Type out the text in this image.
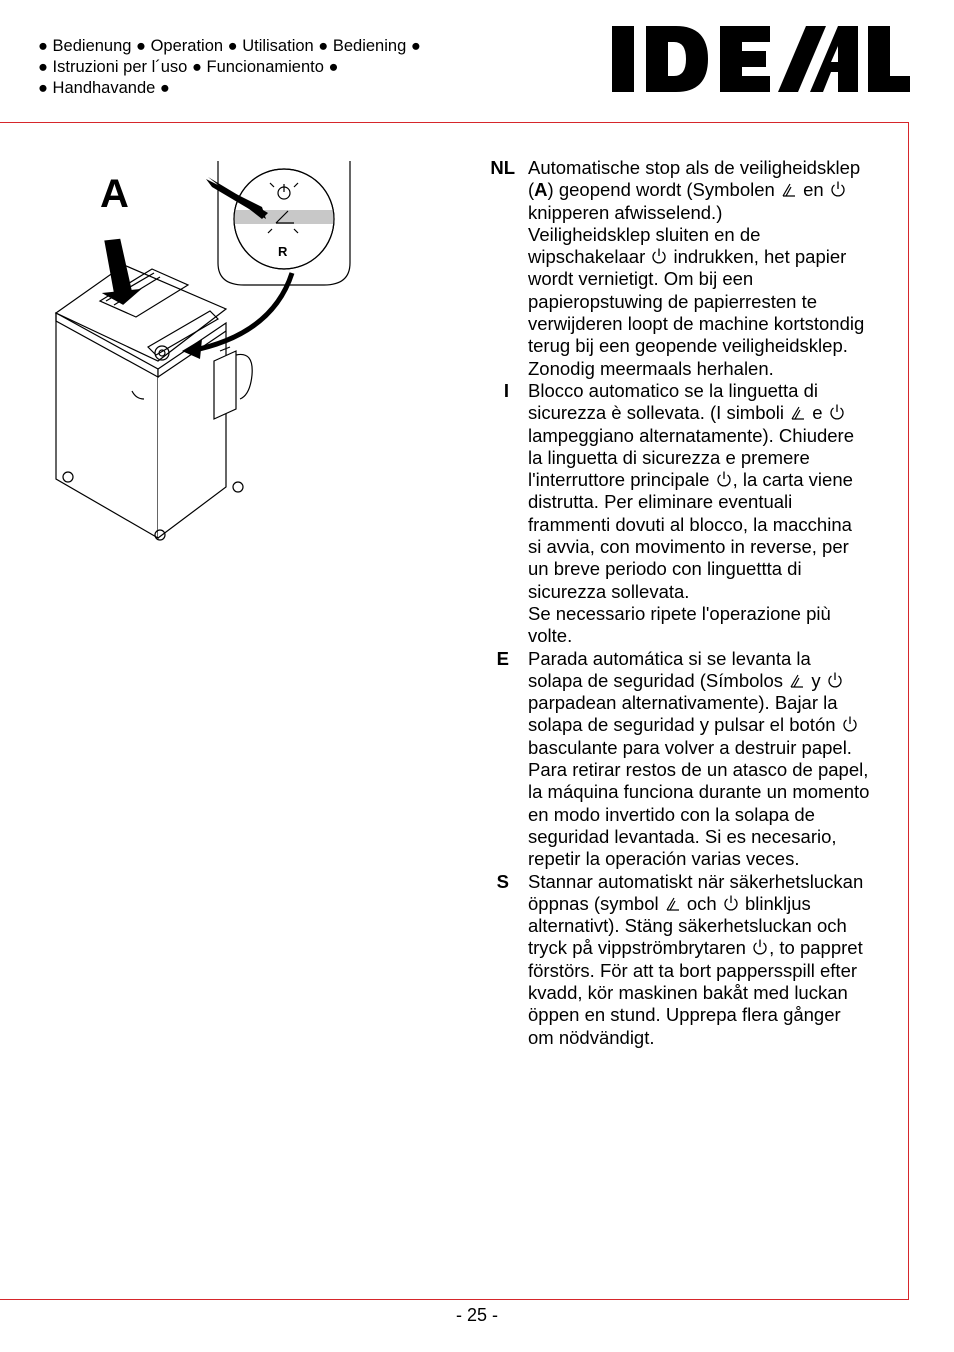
● Bedienung ● Operation ● Utilisation ● Bediening ●
● Istruzioni per l´uso ● Funcionamiento ●
● Handhavande ●
A
R
NL Automatische stop als de veiligheidsklep

(A) geopend wordt (Symbolen en

knipperen afwisselend.)

Veiligheidsklep sluiten en de

wipschakelaar indrukken, het papier

wordt vernietigt. Om bij een

papieropstuwing de papierresten te

verwijderen loopt de machine kortstondig

terug bij een geopende veiligheidsklep.

Zonodig meermaals herhalen.

I	Blocco automatico se la linguetta di

sicurezza è sollevata. (I simboli e

lampeggiano alternatamente). Chiudere

la linguetta di sicurezza e premere

l'interruttore principale , la carta viene

distrutta. Per eliminare eventuali

frammenti dovuti al blocco, la macchina

si avvia, con movimento in reverse, per

un breve periodo con linguettta di

sicurezza sollevata.

Se necessario ripete l'operazione più

volte.

E	Parada automática si se levanta la

solapa de seguridad (Símbolos y

parpadean alternativamente). Bajar la

solapa de seguridad y pulsar el botón

basculante para volver a destruir papel.

Para retirar restos de un atasco de papel,

la máquina funciona durante un momento

en modo invertido con la solapa de

seguridad levantada. Si es necesario,

repetir la operación varias veces.

S	Stannar automatiskt när säkerhetsluckan

öppnas (symbol och blinkljus

alternativt). Stäng säkerhetsluckan och

tryck på vippströmbrytaren , to pappret

förstörs. För att ta bort pappersspill efter

kvadd, kör maskinen bakåt med luckan

öppen en stund. Upprepa flera gånger

om nödvändigt.

- 25 -
